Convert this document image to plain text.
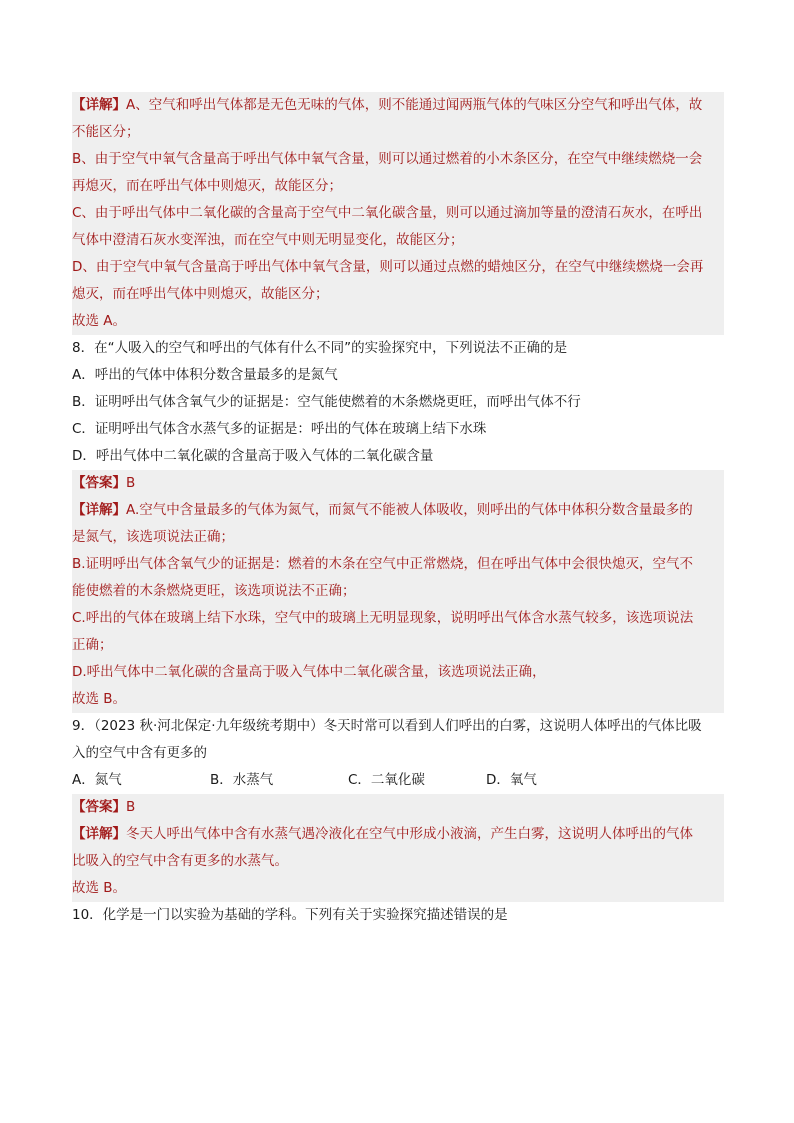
【详解】A、空气和呼出气体都是无色无味的气体，则不能通过闻两瓶气体的气味区分空气和呼出气体，故
不能区分；
B、由于空气中氧气含量高于呼出气体中氧气含量，则可以通过燃着的小木条区分，在空气中继续燃烧一会
再熄灭，而在呼出气体中则熄灭，故能区分；
C、由于呼出气体中二氧化碳的含量高于空气中二氧化碳含量，则可以通过滴加等量的澄清石灰水，在呼出
气体中澄清石灰水变浑浊，而在空气中则无明显变化，故能区分；
D、由于空气中氧气含量高于呼出气体中氧气含量，则可以通过点燃的蜡烛区分，在空气中继续燃烧一会再
熄灭，而在呼出气体中则熄灭，故能区分；
故选 A。
8．在“人吸入的空气和呼出的气体有什么不同”的实验探究中，下列说法不正确的是
A．呼出的气体中体积分数含量最多的是氮气
B．证明呼出气体含氧气少的证据是：空气能使燃着的木条燃烧更旺，而呼出气体不行
C．证明呼出气体含水蒸气多的证据是：呼出的气体在玻璃上结下水珠
D．呼出气体中二氧化碳的含量高于吸入气体的二氧化碳含量
【答案】B
【详解】A.空气中含量最多的气体为氮气，而氮气不能被人体吸收，则呼出的气体中体积分数含量最多的
是氮气，该选项说法正确；
B.证明呼出气体含氧气少的证据是：燃着的木条在空气中正常燃烧，但在呼出气体中会很快熄灭，空气不
能使燃着的木条燃烧更旺，该选项说法不正确；
C.呼出的气体在玻璃上结下水珠，空气中的玻璃上无明显现象，说明呼出气体含水蒸气较多，该选项说法
正确；
D.呼出气体中二氧化碳的含量高于吸入气体中二氧化碳含量，该选项说法正确，
故选 B。
9．（2023 秋·河北保定·九年级统考期中）冬天时常可以看到人们呼出的白雾，这说明人体呼出的气体比吸
入的空气中含有更多的
A．氮气	B．水蒸气	C．二氧化碳	D．氧气
【答案】B
【详解】冬天人呼出气体中含有水蒸气遇冷液化在空气中形成小液滴，产生白雾，这说明人体呼出的气体
比吸入的空气中含有更多的水蒸气。
故选 B。
10．化学是一门以实验为基础的学科。下列有关于实验探究描述错误的是
